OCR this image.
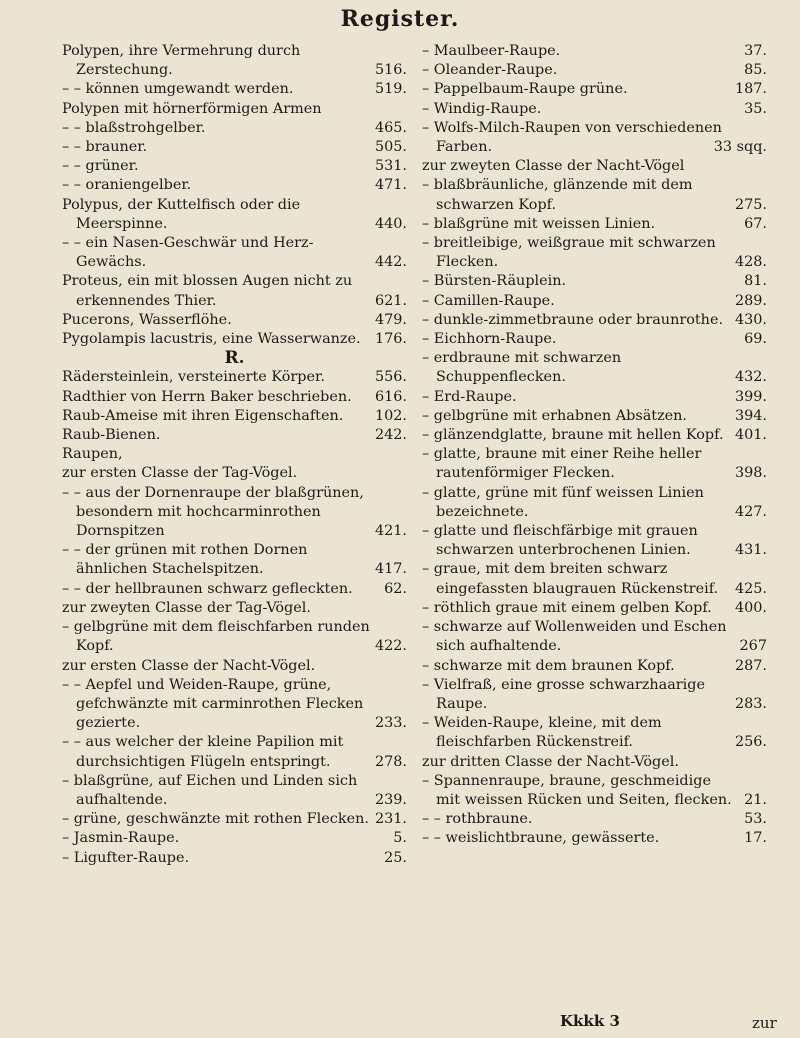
Register.
Polypen, ihre Vermehrung durch Zerstechung.	516.
– – können umgewandt werden.	519.
Polypen mit hörnerförmigen Armen
– – blaßstrohgelber.	465.
– – brauner.	505.
– – grüner.	531.
– – oraniengelber.	471.
Polypus, der Kuttelfisch oder die Meerspinne.	440.
– – ein Nasen-Geschwär und Herz-Gewächs.	442.
Proteus, ein mit blossen Augen nicht zu erkennendes Thier.	621.
Pucerons, Wasserflöhe.	479.
Pygolampis lacustris, eine Wasserwanze. 176.
R.
Rädersteinlein, versteinerte Körper.	556.
Radthier von Herrn Baker beschrieben. 616.
Raub-Ameise mit ihren Eigenschaften. 102.
Raub-Bienen.	242.
Raupen,
zur ersten Classe der Tag-Vögel.
– – aus der Dornenraupe der blaßgrünen, besondern mit hochcarminrothen Dornspitzen	421.
– – der grünen mit rothen Dornen ähnlichen Stachelspitzen.	417.
– – der hellbraunen schwarz gefleckten. 62.
zur zweyten Classe der Tag-Vögel.
– gelbgrüne mit dem fleischfarben runden Kopf.	422.
zur ersten Classe der Nacht-Vögel.
– – Aepfel und Weiden-Raupe, grüne, gefchwänzte mit carminrothen Flecken gezierte.	233.
– – aus welcher der kleine Papilion mit durchsichtigen Flügeln entspringt.	278.
– blaßgrüne, auf Eichen und Linden sich aufhaltende.	239.
– grüne, geschwänzte mit rothen Flecken. 231.
– Jasmin-Raupe.	5.
– Ligufter-Raupe.	25.
– Maulbeer-Raupe.	37.
– Oleander-Raupe.	85.
– Pappelbaum-Raupe grüne.	187.
– Windig-Raupe.	35.
– Wolfs-Milch-Raupen von verschiedenen Farben.	33 sqq.
zur zweyten Classe der Nacht-Vögel
– blaßbräunliche, glänzende mit dem schwarzen Kopf.	275.
– blaßgrüne mit weissen Linien.	67.
– breitleibige, weißgraue mit schwarzen Flecken.	428.
– Bürsten-Räuplein.	81.
– Camillen-Raupe.	289.
– dunkle-zimmetbraune oder braunrothe. 430.
– Eichhorn-Raupe.	69.
– erdbraune mit schwarzen Schuppenflecken.	432.
– Erd-Raupe.	399.
– gelbgrüne mit erhabnen Absätzen.	394.
– glänzendglatte, braune mit hellen Kopf. 401.
– glatte, braune mit einer Reihe heller rautenförmiger Flecken.	398.
– glatte, grüne mit fünf weissen Linien bezeichnete.	427.
– glatte und fleischfärbige mit grauen schwarzen unterbrochenen Linien.	431.
– graue, mit dem breiten schwarz eingefassten blaugrauen Rückenstreif. 425.
– röthlich graue mit einem gelben Kopf. 400.
– schwarze auf Wollenweiden und Eschen sich aufhaltende.	267
– schwarze mit dem braunen Kopf.	287.
– Vielfraß, eine grosse schwarzhaarige Raupe.	283.
– Weiden-Raupe, kleine, mit dem fleischfarben Rückenstreif.	256.
zur dritten Classe der Nacht-Vögel.
– Spannenraupe, braune, geschmeidige mit weissen Rücken und Seiten, flecken. 21.
– – rothbraune.	53.
– – weislichtbraune, gewässerte.	17.
Kkkk 3	zur
